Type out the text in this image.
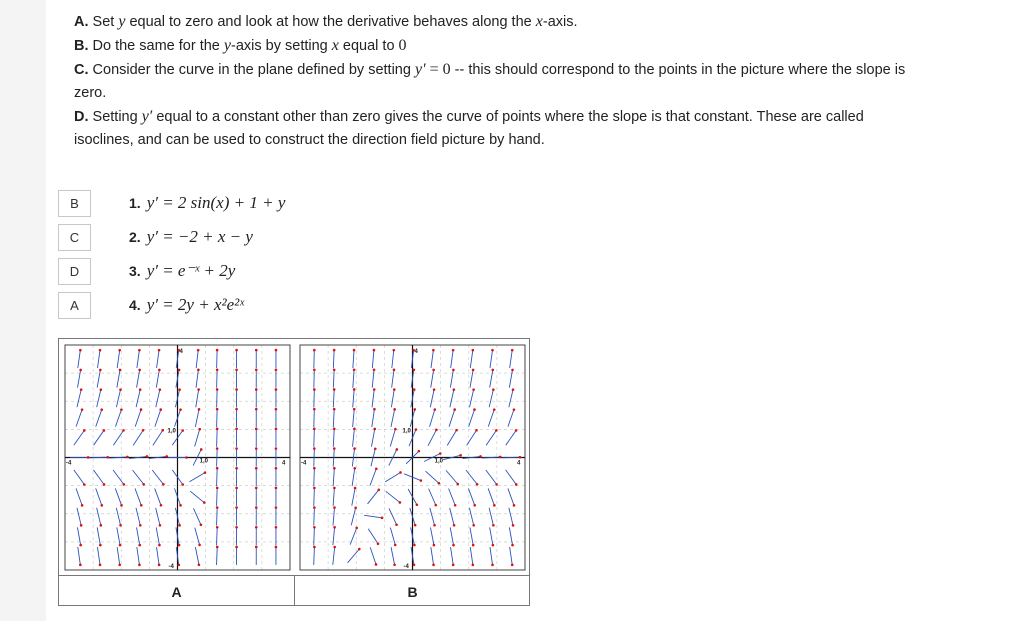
A. Set y equal to zero and look at how the derivative behaves along the x-axis.

B. Do the same for the y-axis by setting x equal to 0

C. Consider the curve in the plane defined by setting y′ = 0 -- this should correspond to the points in the picture where the slope is

zero.

D. Setting y′ equal to a constant other than zero gives the curve of points where the slope is that constant. These are called

isoclines, and can be used to construct the direction field picture by hand.

B	1. y′ = 2 sin(x) + 1 + y
C	2. y′ = −2 + x − y
D	3. y′ = e⁻ˣ + 2y
A	4. y′ = 2y + x²e²ˣ
-4	4
4
-4
1,0
1,0	-4	4
4
-4
1,0
1,0
A	B
